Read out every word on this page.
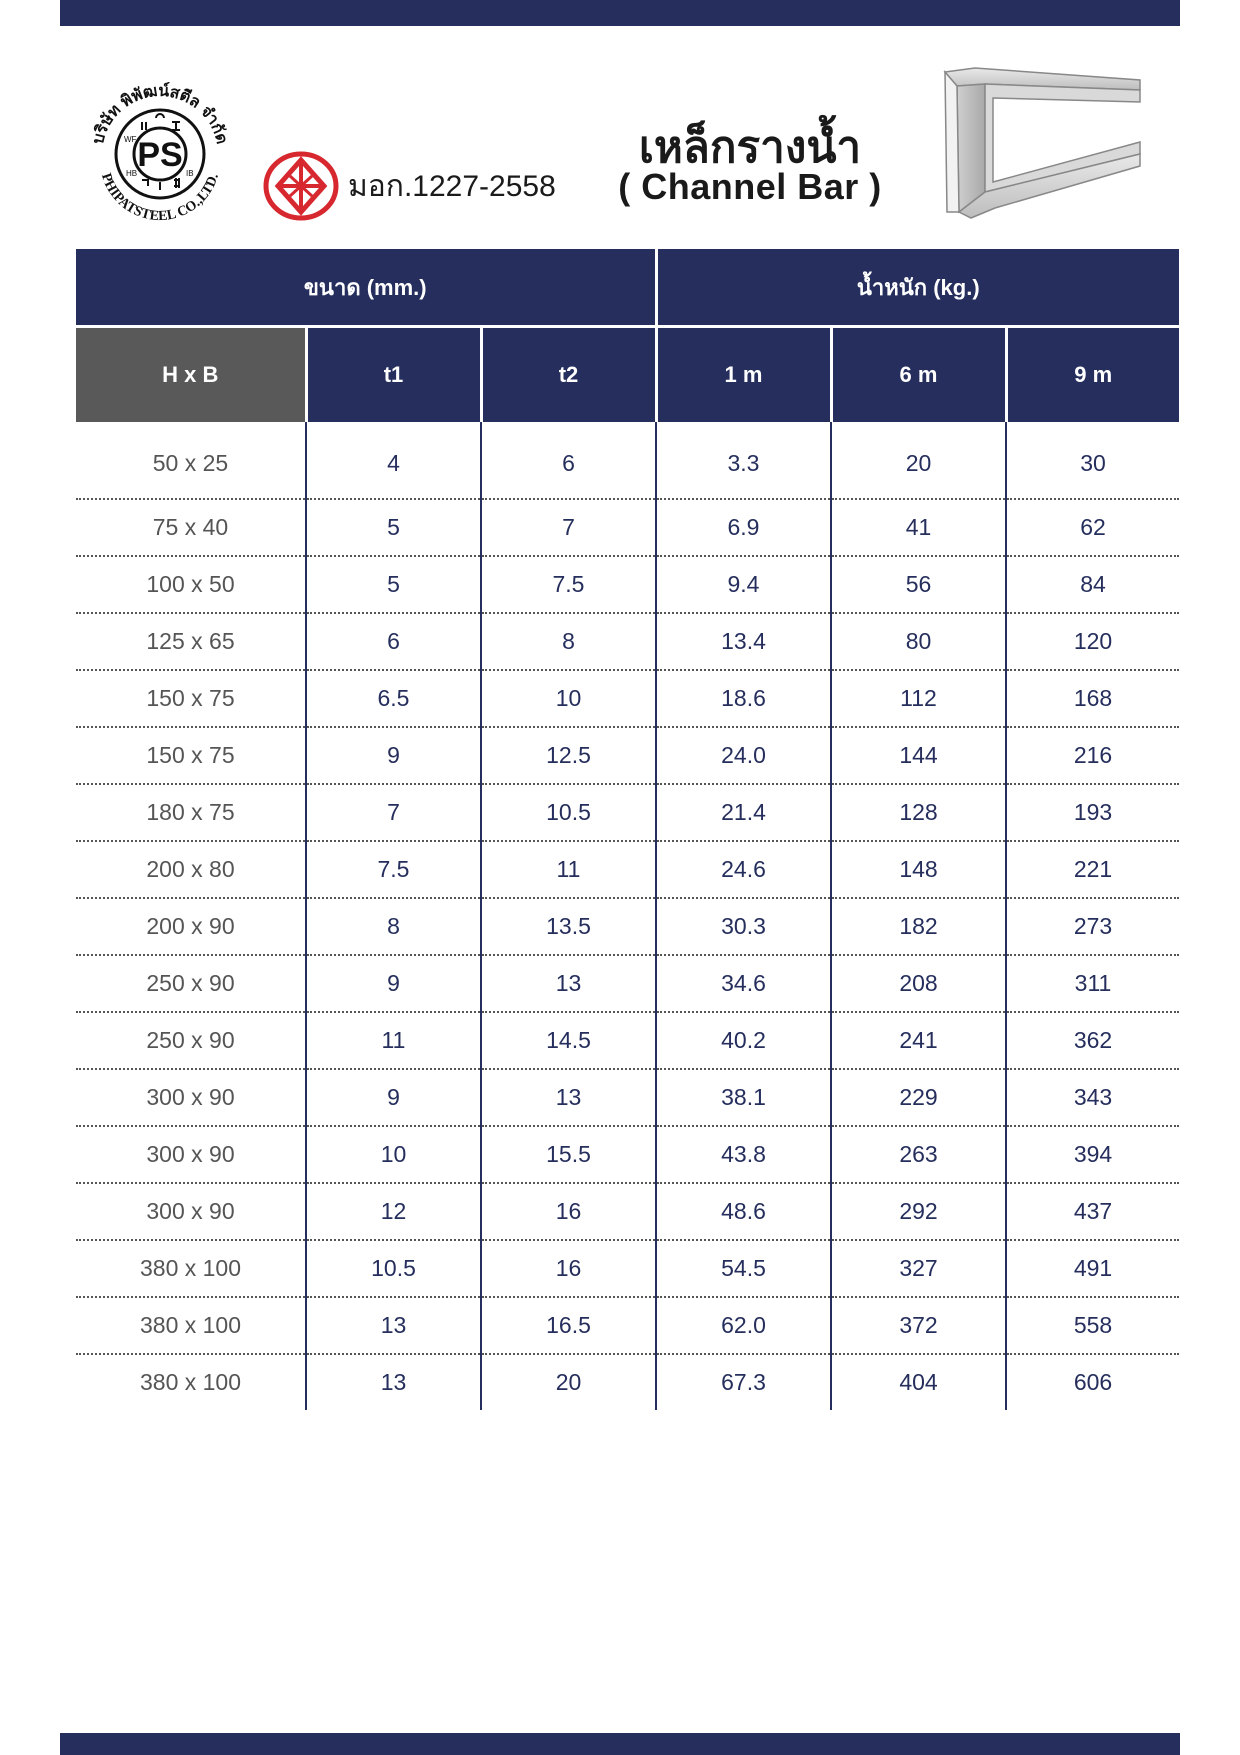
PS
บริษัท พิพัฒน์สตีล จำกัด
PHIPATSTEEL CO.,LTD.
WF
HB	IB	มอก.1227-2558
เหล็กรางน้ำ
( Channel Bar )
ขนาด (mm.)			น้ำหนัก (kg.)		
H x B	t1	t2	1 m	6 m	9 m
50 x 25	4	6	3.3	20	30
75 x 40	5	7	6.9	41	62
100 x 50	5	7.5	9.4	56	84
125 x 65	6	8	13.4	80	120
150 x 75	6.5	10	18.6	112	168
150 x 75	9	12.5	24.0	144	216
180 x 75	7	10.5	21.4	128	193
200 x 80	7.5	11	24.6	148	221
200 x 90	8	13.5	30.3	182	273
250 x 90	9	13	34.6	208	311
250 x 90	11	14.5	40.2	241	362
300 x 90	9	13	38.1	229	343
300 x 90	10	15.5	43.8	263	394
300 x 90	12	16	48.6	292	437
380 x 100	10.5	16	54.5	327	491
380 x 100	13	16.5	62.0	372	558
380 x 100	13	20	67.3	404	606
